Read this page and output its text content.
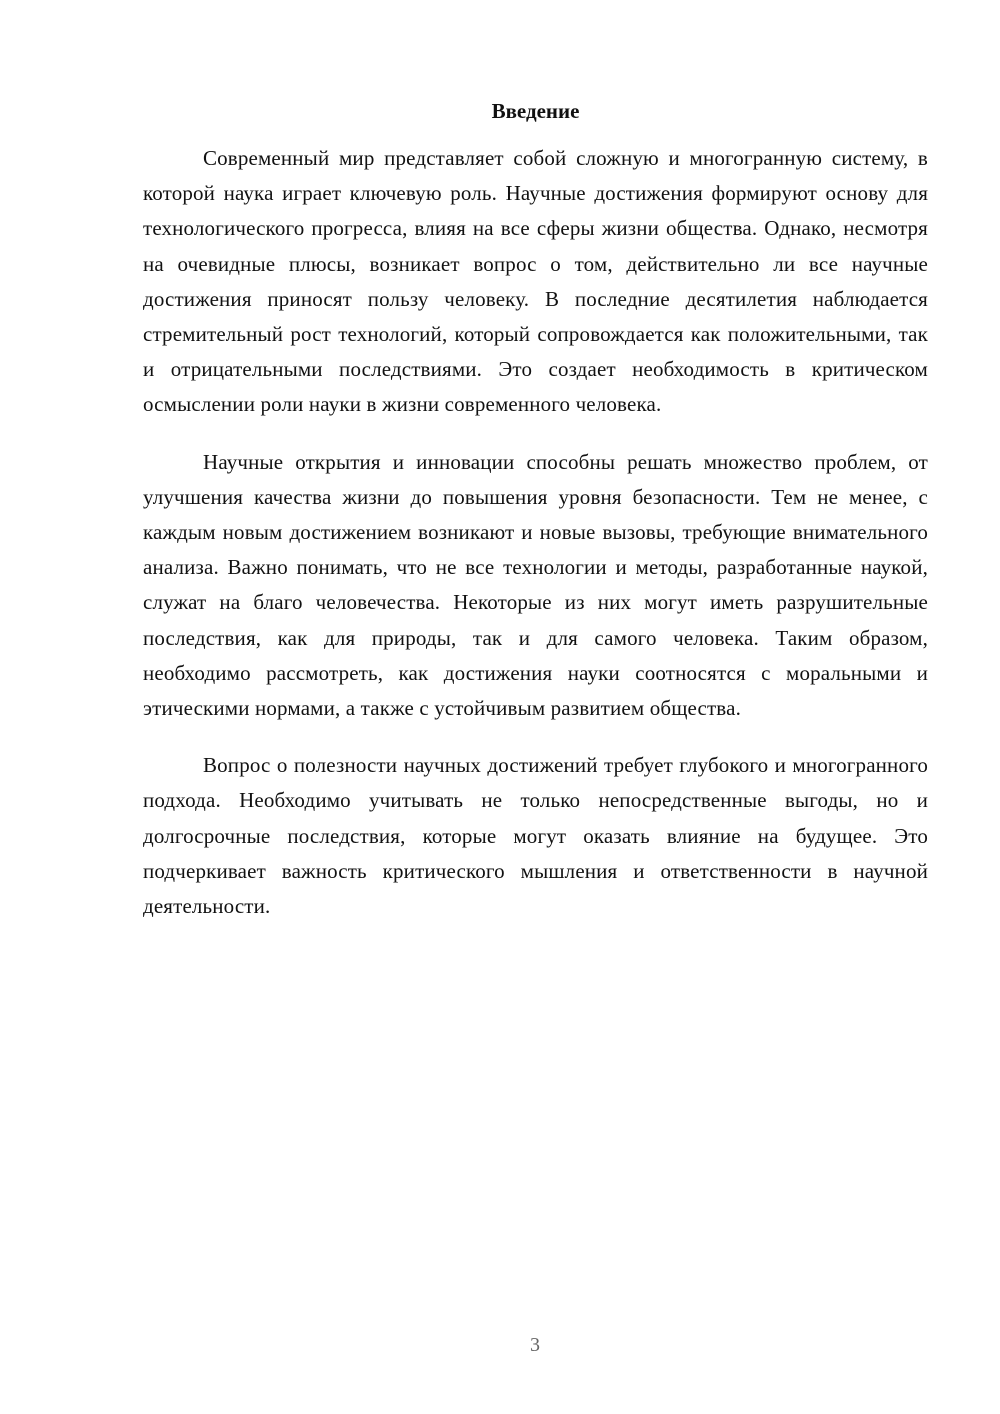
Введение

Современный мир представляет собой сложную и многогранную систему, в которой наука играет ключевую роль. Научные достижения формируют основу для технологического прогресса, влияя на все сферы жизни общества. Однако, несмотря на очевидные плюсы, возникает вопрос о том, действительно ли все научные достижения приносят пользу человеку. В последние десятилетия наблюдается стремительный рост технологий, который сопровождается как положительными, так и отрицательными последствиями. Это создает необходимость в критическом осмыслении роли науки в жизни современного человека.

Научные открытия и инновации способны решать множество проблем, от улучшения качества жизни до повышения уровня безопасности. Тем не менее, с каждым новым достижением возникают и новые вызовы, требующие внимательного анализа. Важно понимать, что не все технологии и методы, разработанные наукой, служат на благо человечества. Некоторые из них могут иметь разрушительные последствия, как для природы, так и для самого человека. Таким образом, необходимо рассмотреть, как достижения науки соотносятся с моральными и этическими нормами, а также с устойчивым развитием общества.

Вопрос о полезности научных достижений требует глубокого и многогранного подхода. Необходимо учитывать не только непосредственные выгоды, но и долгосрочные последствия, которые могут оказать влияние на будущее. Это подчеркивает важность критического мышления и ответственности в научной деятельности.

3
